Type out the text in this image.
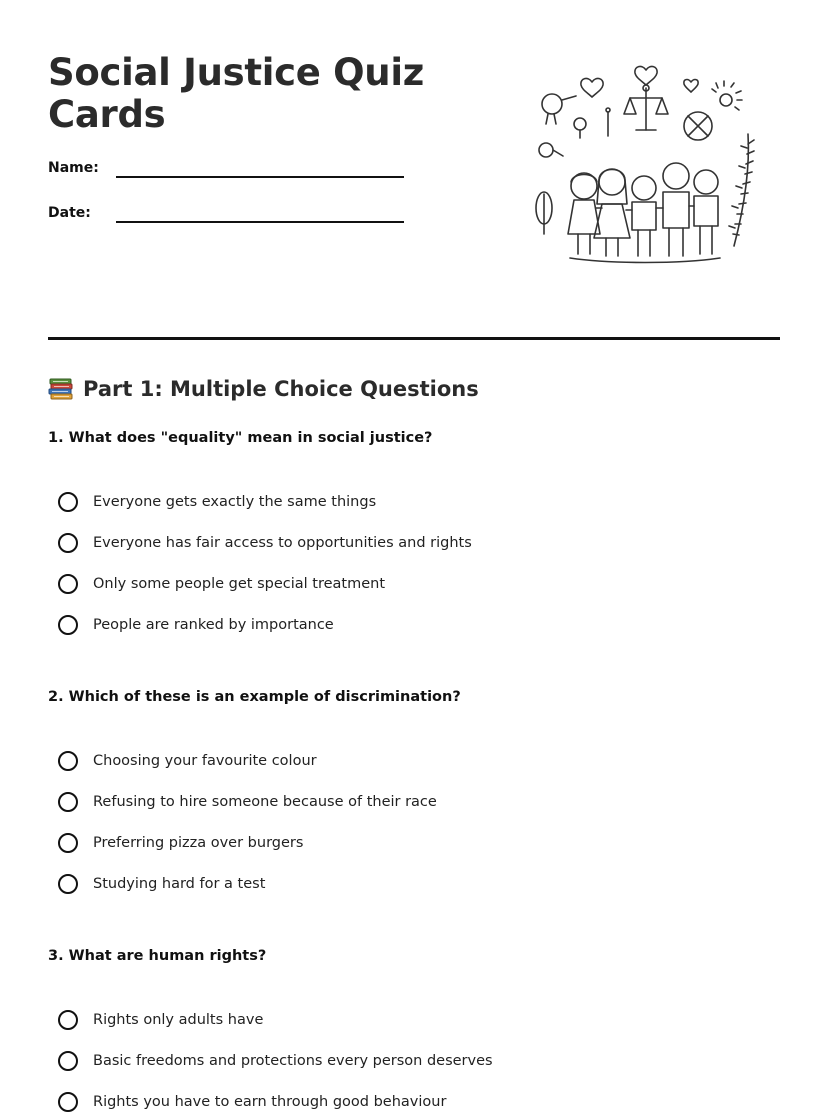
Social Justice Quiz Cards
Name:
Date:
Part 1: Multiple Choice Questions
1. What does "equality" mean in social justice?
Everyone gets exactly the same things
Everyone has fair access to opportunities and rights
Only some people get special treatment
People are ranked by importance
2. Which of these is an example of discrimination?
Choosing your favourite colour
Refusing to hire someone because of their race
Preferring pizza over burgers
Studying hard for a test
3. What are human rights?
Rights only adults have
Basic freedoms and protections every person deserves
Rights you have to earn through good behaviour
